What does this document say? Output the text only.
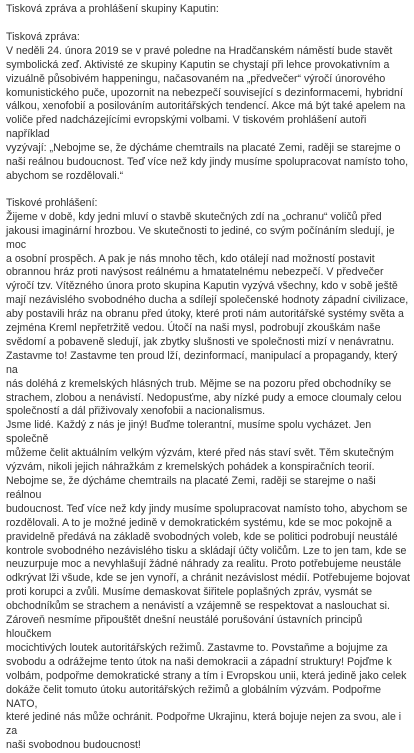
Tisková zpráva a prohlášení skupiny Kaputin:
Tisková zpráva:

V neděli 24. února 2019 se v pravé poledne na Hradčanském náměstí bude stavět
symbolická zeď. Aktivisté ze skupiny Kaputin se chystají při lehce provokativním a
vizuálně působivém happeningu, načasovaném na „předvečer“ výročí únorového
komunistického puče, upozornit na nebezpečí související s dezinformacemi, hybridní
válkou, xenofobií a posilováním autoritářských tendencí. Akce má být také apelem na
voliče před nadcházejícími evropskými volbami. V tiskovém prohlášení autoři například
vyzývají: „Nebojme se, že dýcháme chemtrails na placaté Zemi, raději se starejme o
naši reálnou budoucnost. Teď více než kdy jindy musíme spolupracovat namísto toho,
abychom se rozdělovali.“

Tiskové prohlášení:

Žijeme v době, kdy jedni mluví o stavbě skutečných zdí na „ochranu“ voličů před
jakousi imaginární hrozbou. Ve skutečnosti to jediné, co svým počínáním sledují, je moc
a osobní prospěch. A pak je nás mnoho těch, kdo otálejí nad možností postavit
obrannou hráz proti navýsost reálnému a hmatatelnému nebezpečí. V předvečer
výročí tzv. Vítězného února proto skupina Kaputin vyzývá všechny, kdo v sobě ještě
mají nezávislého svobodného ducha a sdílejí společenské hodnoty západní civilizace,
aby postavili hráz na obranu před útoky, které proti nám autoritářské systémy světa a
zejména Kreml nepřetržitě vedou. Útočí na naši mysl, podrobují zkouškám naše
svědomí a pobaveně sledují, jak zbytky slušnosti ve společnosti mizí v nenávratnu.
Zastavme to! Zastavme ten proud lží, dezinformací, manipulací a propagandy, který na
nás doléhá z kremelských hlásných trub. Mějme se na pozoru před obchodníky se
strachem, zlobou a nenávistí. Nedopusťme, aby nízké pudy a emoce cloumaly celou
společností a dál přiživovaly xenofobii a nacionalismus.
Jsme lidé. Každý z nás je jiný! Buďme tolerantní, musíme spolu vycházet. Jen společně
můžeme čelit aktuálním velkým výzvám, které před nás staví svět. Těm skutečným
výzvám, nikoli jejich náhražkám z kremelských pohádek a konspiračních teorií.
Nebojme se, že dýcháme chemtrails na placaté Zemi, raději se starejme o naši reálnou
budoucnost. Teď více než kdy jindy musíme spolupracovat namísto toho, abychom se
rozdělovali. A to je možné jedině v demokratickém systému, kde se moc pokojně a
pravidelně předává na základě svobodných voleb, kde se politici podrobují neustálé
kontrole svobodného nezávislého tisku a skládají účty voličům. Lze to jen tam, kde se
neuzurpuje moc a nevyhlašují žádné náhrady za realitu. Proto potřebujeme neustále
odkrývat lži všude, kde se jen vynoří, a chránit nezávislost médií. Potřebujeme bojovat
proti korupci a zvůli. Musíme demaskovat šiřitele poplašných zpráv, vysmát se
obchodníkům se strachem a nenávistí a vzájemně se respektovat a naslouchat si.
Zároveň nesmíme připouštět dnešní neustálé porušování ústavních principů hloučkem
mocichtivých loutek autoritářských režimů. Zastavme to. Povstaňme a bojujme za
svobodu a odrážejme tento útok na naši demokracii a západní struktury! Pojďme k
volbám, podpořme demokratické strany a tím i Evropskou unii, která jedině jako celek
dokáže čelit tomuto útoku autoritářských režimů a globálním výzvám. Podpořme NATO,
které jediné nás může ochránit. Podpořme Ukrajinu, která bojuje nejen za svou, ale i za
naši svobodnou budoucnost!
